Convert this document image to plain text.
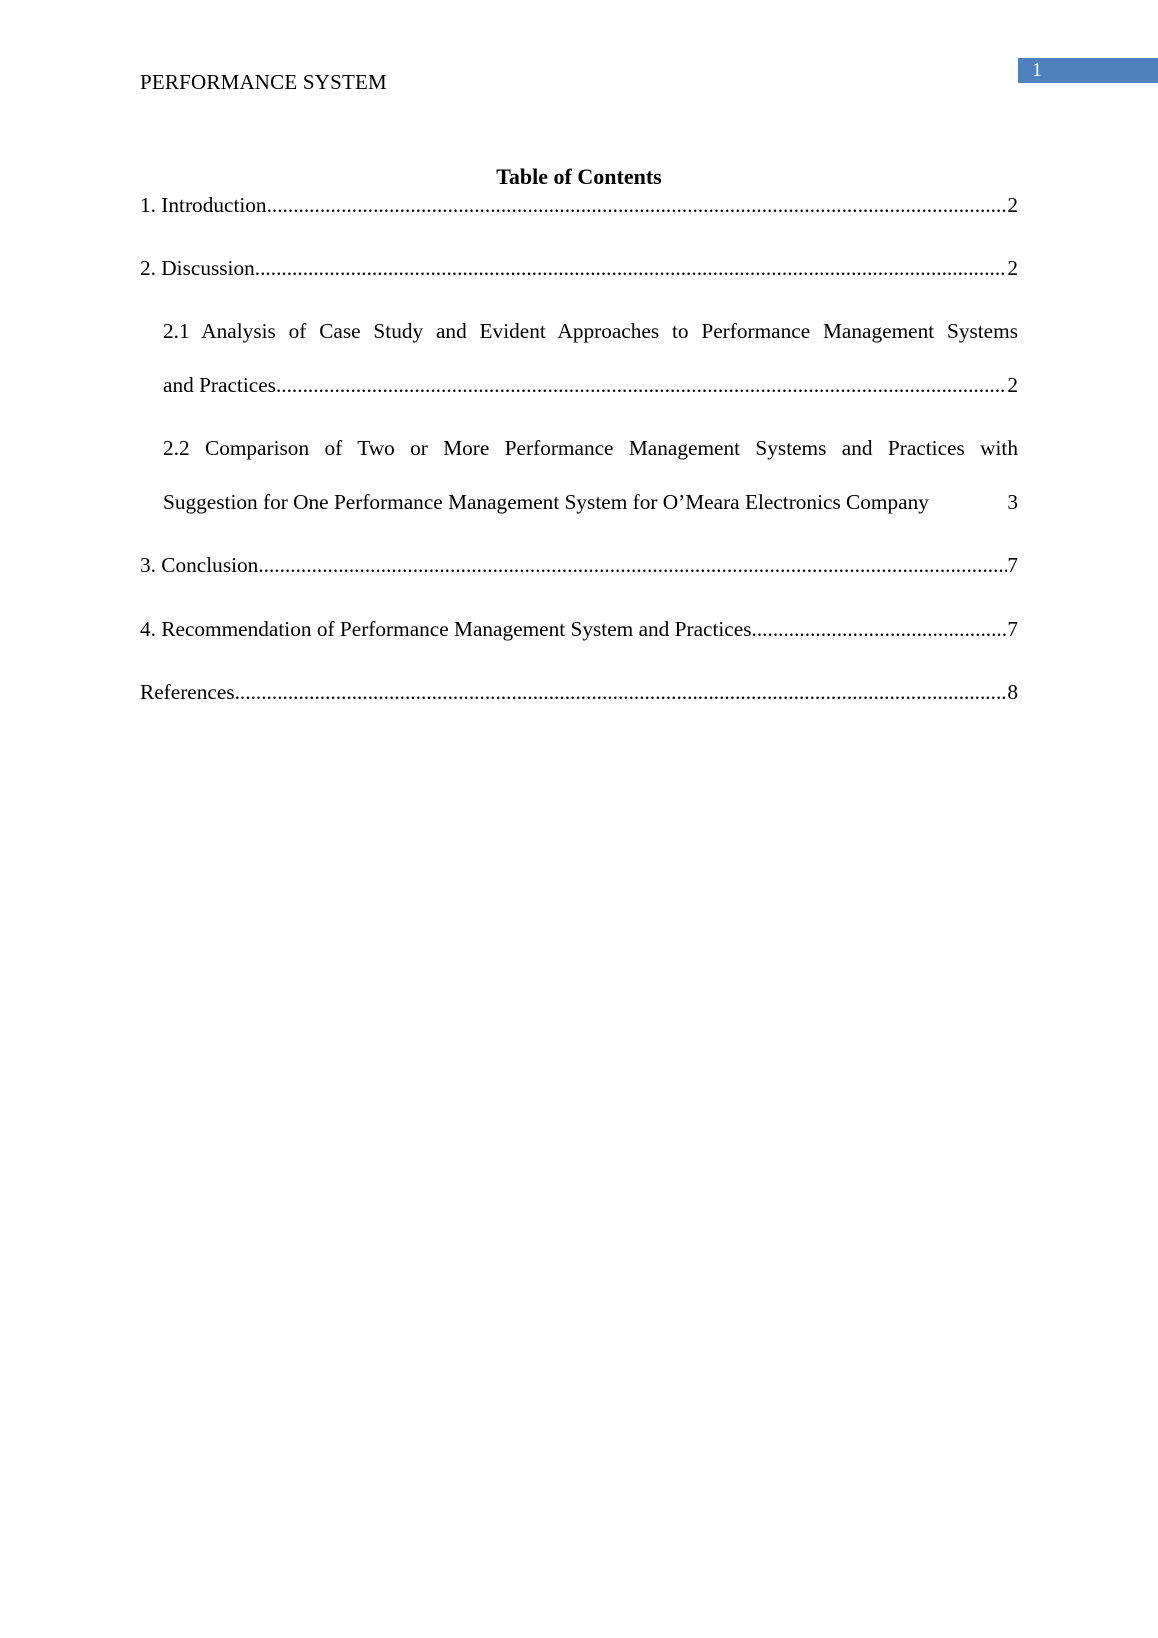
1
PERFORMANCE SYSTEM
Table of Contents
1. Introduction .....	2
2. Discussion .....	2
2.1 Analysis of Case Study and Evident Approaches to Performance Management Systems
and Practices .....	2
2.2 Comparison of Two or More Performance Management Systems and Practices with
Suggestion for One Performance Management System for O’Meara Electronics Company	3
3. Conclusion .....	7
4. Recommendation of Performance Management System and Practices .....	7
References .....	8
